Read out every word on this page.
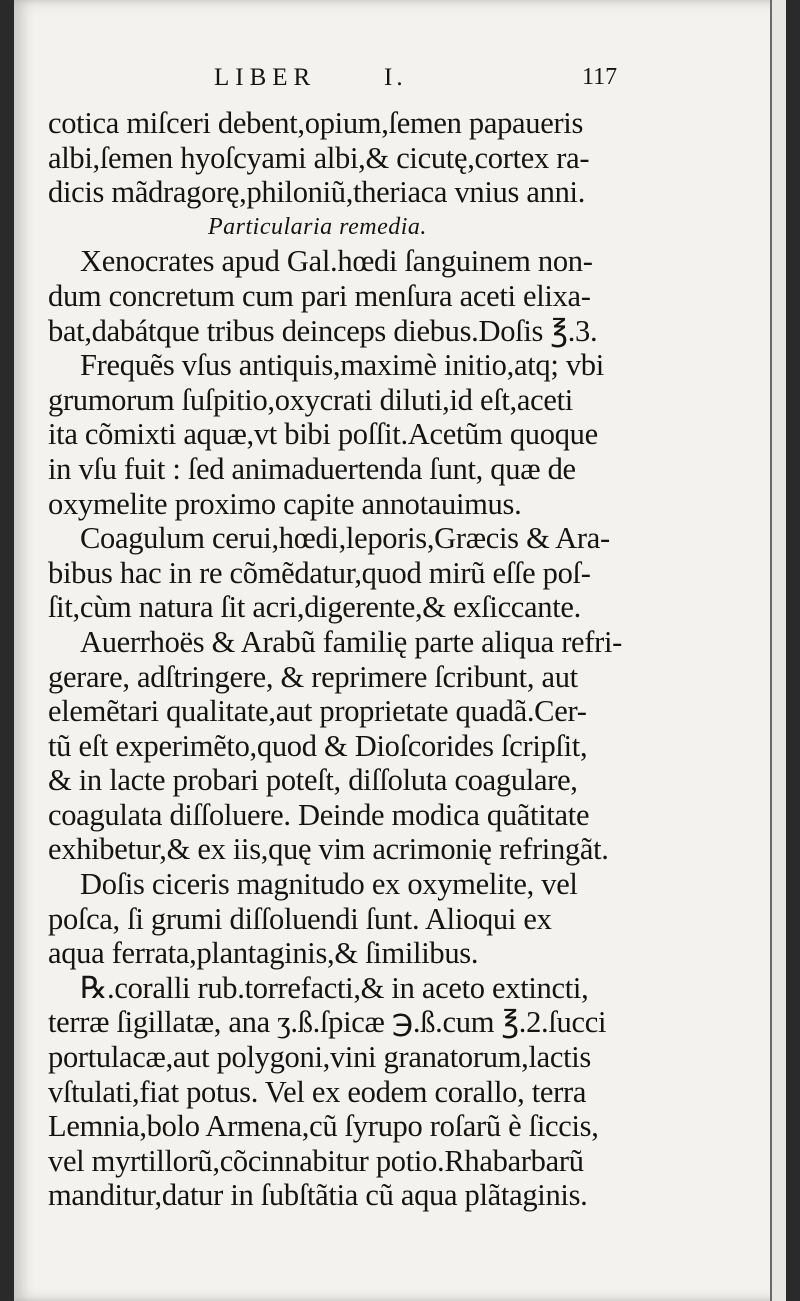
LIBER	I.	117
cotica miſceri debent,opium,ſemen papaueris
albi,ſemen hyoſcyami albi,& cicutę,cortex ra-
dicis mãdragorę,philoniũ,theriaca vnius anni.
Particularia remedia.
Xenocrates apud Gal.hœdi ſanguinem non-
dum concretum cum pari menſura aceti elixa-
bat,dabátque tribus deinceps diebus.Doſis ℥.3.
Frequẽs vſus antiquis,maximè initio,atq; vbi
grumorum ſuſpitio,oxycrati diluti,id eſt,aceti
ita cõmixti aquæ,vt bibi poſſit.Acetũm quoque
in vſu fuit : ſed animaduertenda ſunt, quæ de
oxymelite proximo capite annotauimus.
Coagulum cerui,hœdi,leporis,Græcis & Ara-
bibus hac in re cõmẽdatur,quod mirũ eſſe poſ-
ſit,cùm natura ſit acri,digerente,& exſiccante.
Auerrhoës & Arabũ familię parte aliqua refri-
gerare, adſtringere, & reprimere ſcribunt, aut
elemẽtari qualitate,aut proprietate quadã.Cer-
tũ eſt experimẽto,quod & Dioſcorides ſcripſit,
& in lacte probari poteſt, diſſoluta coagulare,
coagulata diſſoluere. Deinde modica quãtitate
exhibetur,& ex iis,quę vim acrimonię refringãt.
Doſis ciceris magnitudo ex oxymelite, vel
poſca, ſi grumi diſſoluendi ſunt. Alioqui ex
aqua ferrata,plantaginis,& ſimilibus.
℞.coralli rub.torrefacti,& in aceto extincti,
terræ ſigillatæ, ana ʒ.ß.ſpicæ ℈.ß.cum ℥.2.ſucci
portulacæ,aut polygoni,vini granatorum,lactis
vſtulati,fiat potus. Vel ex eodem corallo, terra
Lemnia,bolo Armena,cũ ſyrupo roſarũ è ſiccis,
vel myrtillorũ,cõcinnabitur potio.Rhabarbarũ
manditur,datur in ſubſtãtia cũ aqua plãtaginis.
